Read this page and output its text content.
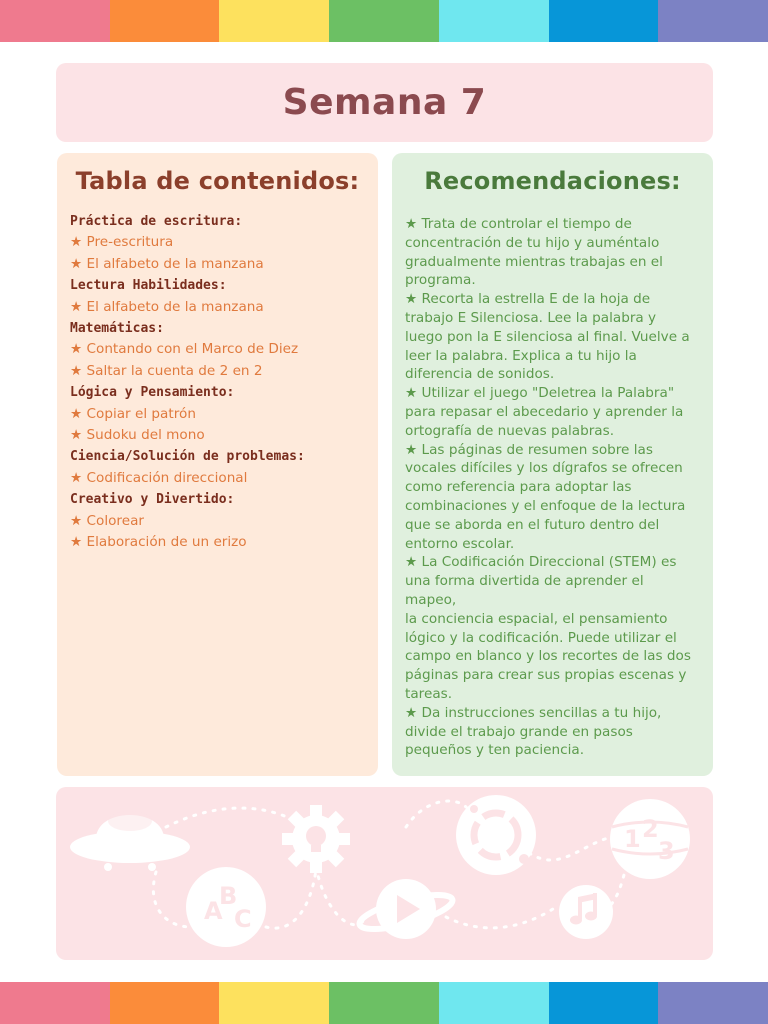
Semana 7
Tabla de contenidos:
Práctica de escritura:
★ Pre-escritura
★ El alfabeto de la manzana
Lectura Habilidades:
★ El alfabeto de la manzana
Matemáticas:
★ Contando con el Marco de Diez
★ Saltar la cuenta de 2 en 2
Lógica y Pensamiento:
★ Copiar el patrón
★ Sudoku del mono
Ciencia/Solución de problemas:
★ Codificación direccional
Creativo y Divertido:
★ Colorear
★ Elaboración de un erizo
Recomendaciones:
★ Trata de controlar el tiempo de
concentración de tu hijo y auméntalo
gradualmente mientras trabajas en el
programa.
★ Recorta la estrella E de la hoja de
trabajo E Silenciosa. Lee la palabra y
luego pon la E silenciosa al final. Vuelve a
leer la palabra. Explica a tu hijo la
diferencia de sonidos.
★ Utilizar el juego "Deletrea la Palabra"
para repasar el abecedario y aprender la
ortografía de nuevas palabras.
★ Las páginas de resumen sobre las
vocales difíciles y los dígrafos se ofrecen
como referencia para adoptar las
combinaciones y el enfoque de la lectura
que se aborda en el futuro dentro del
entorno escolar.
★ La Codificación Direccional (STEM) es
una forma divertida de aprender el mapeo,
la conciencia espacial, el pensamiento
lógico y la codificación. Puede utilizar el
campo en blanco y los recortes de las dos
páginas para crear sus propias escenas y
tareas.
★ Da instrucciones sencillas a tu hijo,
divide el trabajo grande en pasos
pequeños y ten paciencia.
A
B
C
1 2
3
